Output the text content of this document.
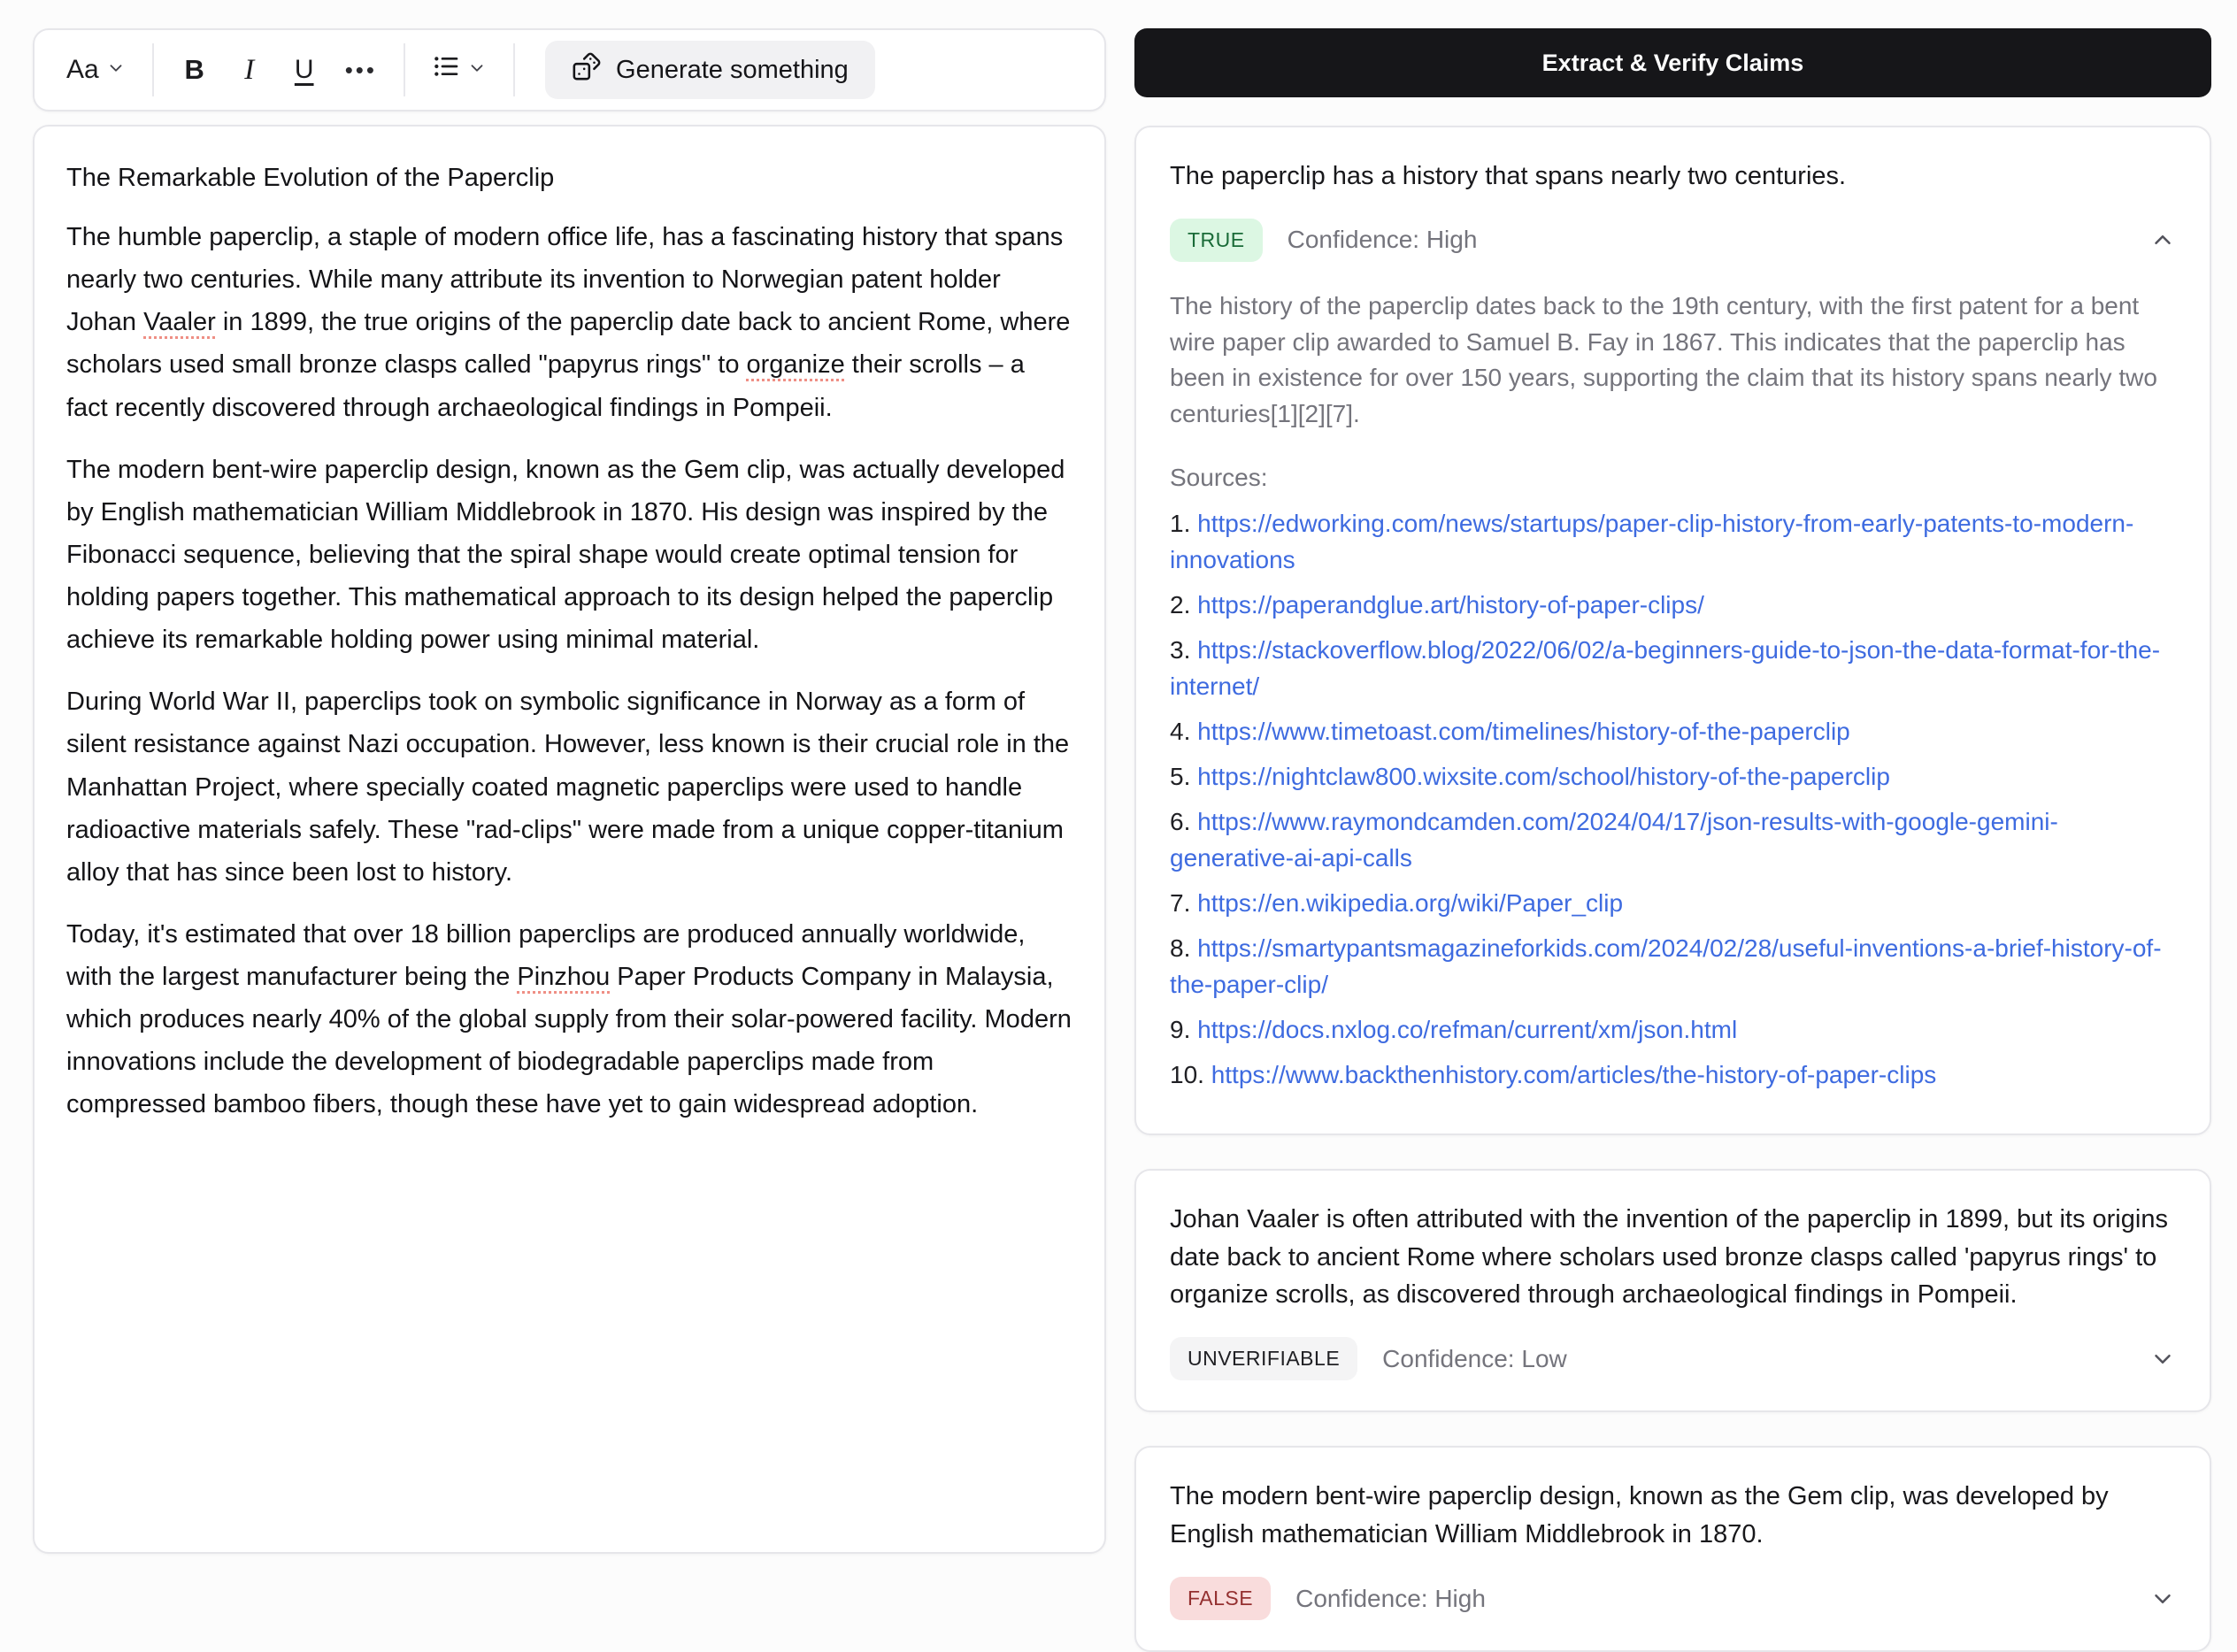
Aa	B	I	U	•••	Generate something

The Remarkable Evolution of the Paperclip

The humble paperclip, a staple of modern office life, has a fascinating history that spans nearly two centuries. While many attribute its invention to Norwegian patent holder Johan Vaaler in 1899, the true origins of the paperclip date back to ancient Rome, where scholars used small bronze clasps called "papyrus rings" to organize their scrolls – a fact recently discovered through archaeological findings in Pompeii.

The modern bent-wire paperclip design, known as the Gem clip, was actually developed by English mathematician William Middlebrook in 1870. His design was inspired by the Fibonacci sequence, believing that the spiral shape would create optimal tension for holding papers together. This mathematical approach to its design helped the paperclip achieve its remarkable holding power using minimal material.

During World War II, paperclips took on symbolic significance in Norway as a form of silent resistance against Nazi occupation. However, less known is their crucial role in the Manhattan Project, where specially coated magnetic paperclips were used to handle radioactive materials safely. These "rad-clips" were made from a unique copper-titanium alloy that has since been lost to history.

Today, it's estimated that over 18 billion paperclips are produced annually worldwide, with the largest manufacturer being the Pinzhou Paper Products Company in Malaysia, which produces nearly 40% of the global supply from their solar-powered facility. Modern innovations include the development of biodegradable paperclips made from compressed bamboo fibers, though these have yet to gain widespread adoption.

Extract & Verify Claims

The paperclip has a history that spans nearly two centuries.

TRUE	Confidence: High

The history of the paperclip dates back to the 19th century, with the first patent for a bent wire paper clip awarded to Samuel B. Fay in 1867. This indicates that the paperclip has been in existence for over 150 years, supporting the claim that its history spans nearly two centuries[1][2][7].

Sources:

1. https://edworking.com/news/startups/paper-clip-history-from-early-patents-to-modern-innovations
2. https://paperandglue.art/history-of-paper-clips/
3. https://stackoverflow.blog/2022/06/02/a-beginners-guide-to-json-the-data-format-for-the-internet/
4. https://www.timetoast.com/timelines/history-of-the-paperclip
5. https://nightclaw800.wixsite.com/school/history-of-the-paperclip
6. https://www.raymondcamden.com/2024/04/17/json-results-with-google-gemini-generative-ai-api-calls
7. https://en.wikipedia.org/wiki/Paper_clip
8. https://smartypantsmagazineforkids.com/2024/02/28/useful-inventions-a-brief-history-of-the-paper-clip/
9. https://docs.nxlog.co/refman/current/xm/json.html
10. https://www.backthenhistory.com/articles/the-history-of-paper-clips

Johan Vaaler is often attributed with the invention of the paperclip in 1899, but its origins date back to ancient Rome where scholars used bronze clasps called 'papyrus rings' to organize scrolls, as discovered through archaeological findings in Pompeii.

UNVERIFIABLE	Confidence: Low

The modern bent-wire paperclip design, known as the Gem clip, was developed by English mathematician William Middlebrook in 1870.

FALSE	Confidence: High
